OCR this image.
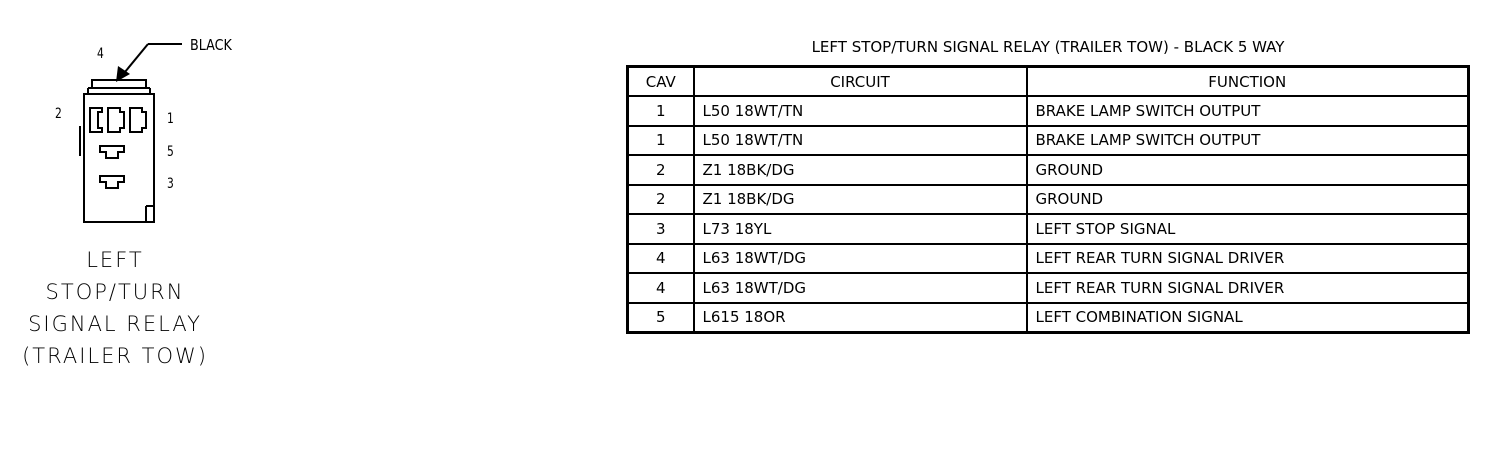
4
2	1
5
3
BLACK
LEFT
STOP/TURN
SIGNAL RELAY
(TRAILER TOW)
LEFT STOP/TURN SIGNAL RELAY (TRAILER TOW) - BLACK 5 WAY
CAV	CIRCUIT	FUNCTION
1	L50 18WT/TN	BRAKE LAMP SWITCH OUTPUT
1	L50 18WT/TN	BRAKE LAMP SWITCH OUTPUT
2	Z1 18BK/DG	GROUND
2	Z1 18BK/DG	GROUND
3	L73 18YL	LEFT STOP SIGNAL
4	L63 18WT/DG	LEFT REAR TURN SIGNAL DRIVER
4	L63 18WT/DG	LEFT REAR TURN SIGNAL DRIVER
5	L615 18OR	LEFT COMBINATION SIGNAL
